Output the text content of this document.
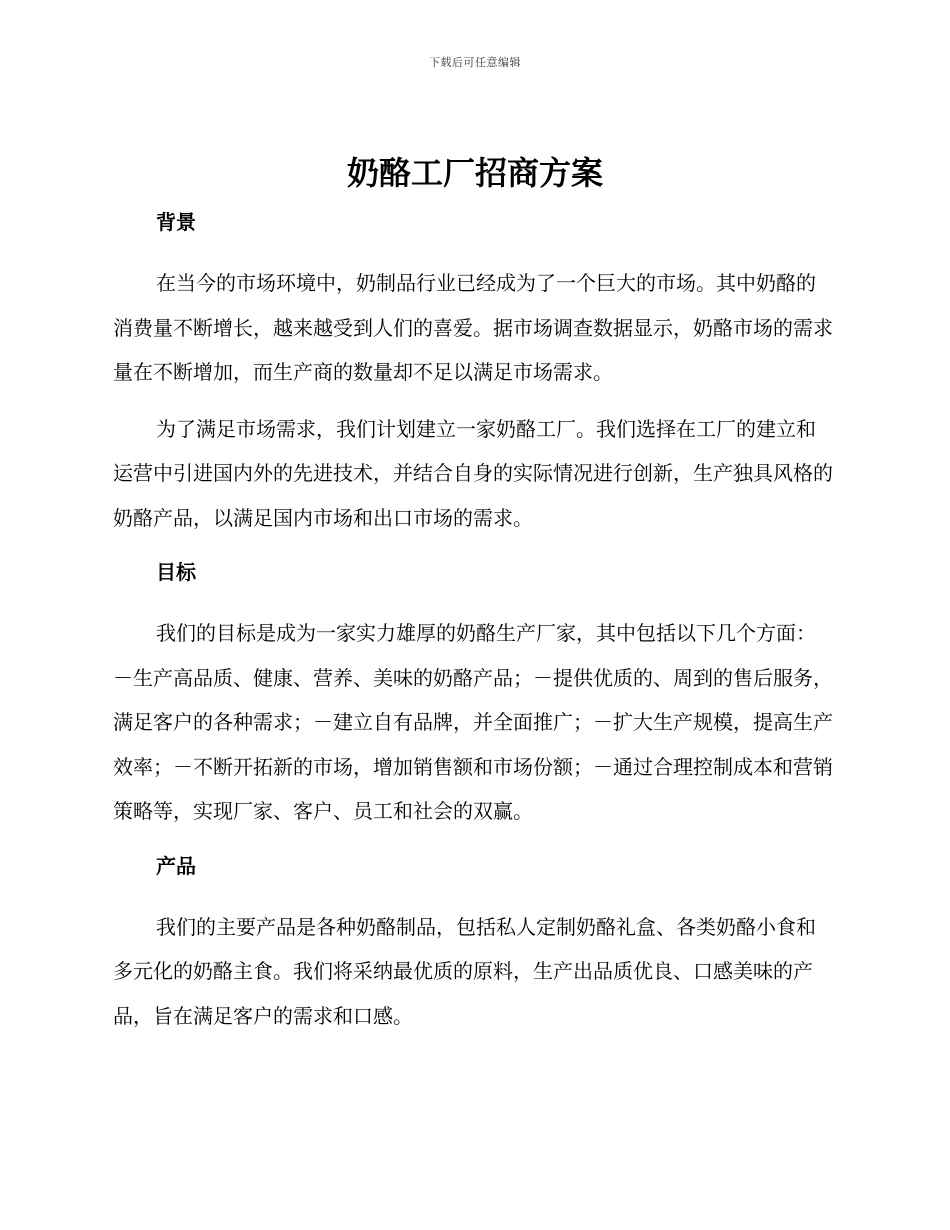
下载后可任意编辑
奶酪工厂招商方案
背景

在当今的市场环境中，奶制品行业已经成为了一个巨大的市场。其中奶酪的消费量不断增长，越来越受到人们的喜爱。据市场调查数据显示，奶酪市场的需求量在不断增加，而生产商的数量却不足以满足市场需求。

为了满足市场需求，我们计划建立一家奶酪工厂。我们选择在工厂的建立和运营中引进国内外的先进技术，并结合自身的实际情况进行创新，生产独具风格的奶酪产品，以满足国内市场和出口市场的需求。

目标

我们的目标是成为一家实力雄厚的奶酪生产厂家，其中包括以下几个方面：－生产高品质、健康、营养、美味的奶酪产品；－提供优质的、周到的售后服务，满足客户的各种需求；－建立自有品牌，并全面推广；－扩大生产规模，提高生产效率；－不断开拓新的市场，增加销售额和市场份额；－通过合理控制成本和营销策略等，实现厂家、客户、员工和社会的双赢。

产品

我们的主要产品是各种奶酪制品，包括私人定制奶酪礼盒、各类奶酪小食和多元化的奶酪主食。我们将采纳最优质的原料，生产出品质优良、口感美味的产品，旨在满足客户的需求和口感。
